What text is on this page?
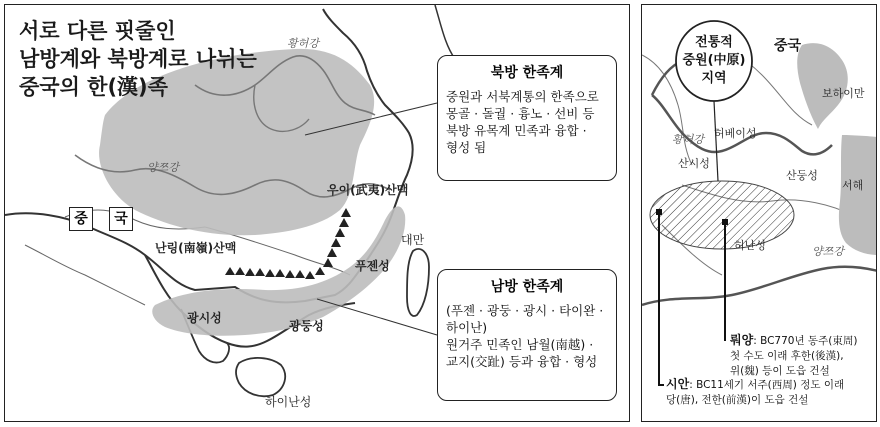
서로 다른 핏줄인
남방계와 북방계로 나뉘는
중국의 한(漢)족
황허강
양쯔강
중	국
우이(武夷)산맥
난링(南嶺)산맥
대만
푸젠성
광시성
광둥성
하이난성
북방 한족계

중원과 서북계통의 한족으로

몽골 · 돌궐 · 흉노 · 선비 등

북방 유목계 민족과 융합 ·

형성 됨

남방 한족계

(푸젠 · 광둥 · 광시 · 타이완 ·

하이난)

원거주 민족인 남월(南越) ·

교지(交趾) 등과 융합 · 형성

전통적
중원(中原)
지역
중국
보하이만
서해
황허강 허베이성
산시성
산둥성
허난성	양쯔강
뤄양: BC770년 동주(東周)
첫 수도 이래 후한(後漢),
위(魏) 등이 도읍 건설
시안: BC11세기 서주(西周) 정도 이래
당(唐), 전한(前漢)이 도읍 건설
